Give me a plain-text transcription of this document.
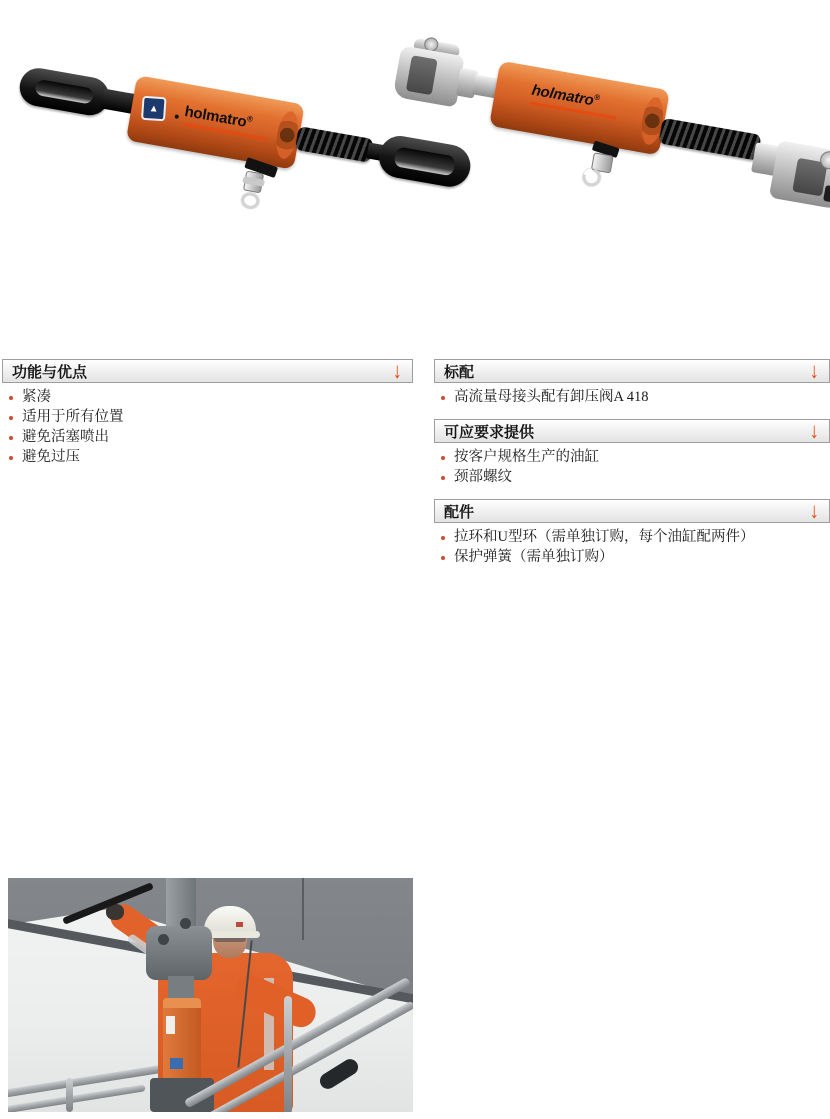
▲ holmatro®
holmatro®
功能与优点	↓
紧凑
适用于所有位置
避免活塞喷出
避免过压
标配	↓
高流量母接头配有卸压阀A 418
可应要求提供	↓
按客户规格生产的油缸
颈部螺纹
配件	↓
拉环和U型环（需单独订购，每个油缸配两件）
保护弹簧（需单独订购）
